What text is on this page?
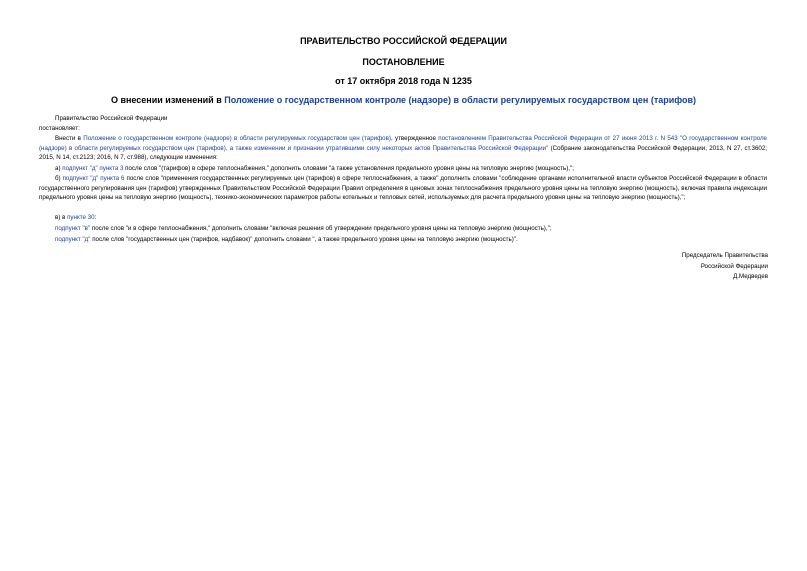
ПРАВИТЕЛЬСТВО РОССИЙСКОЙ ФЕДЕРАЦИИ
ПОСТАНОВЛЕНИЕ
от 17 октября 2018 года N 1235
О внесении изменений в Положение о государственном контроле (надзоре) в области регулируемых государством цен (тарифов)
Правительство Российской Федерации
постановляет:
Внести в Положение о государственном контроле (надзоре) в области регулируемых государством цен (тарифов), утвержденное постановлением Правительства Российской Федерации от 27 июня 2013 г. N 543 "О государственном контроле (надзоре) в области регулируемых государством цен (тарифов), а также изменении и признании утратившими силу некоторых актов Правительства Российской Федерации" (Собрание законодательства Российской Федерации, 2013, N 27, ст.3602; 2015, N 14, ст.2123; 2016, N 7, ст.988), следующие изменения:
а) подпункт "д" пункта 3 после слов "(тарифов) в сфере теплоснабжения," дополнить словами "а также установления предельного уровня цены на тепловую энергию (мощность),";
б) подпункт "д" пункта 6 после слов "применения государственных регулируемых цен (тарифов) в сфере теплоснабжения, а также" дополнить словами "соблюдение органами исполнительной власти субъектов Российской Федерации в области государственного регулирования цен (тарифов) утвержденных Правительством Российской Федерации Правил определения в ценовых зонах теплоснабжения предельного уровня цены на тепловую энергию (мощность), включая правила индексации предельного уровня цены на тепловую энергию (мощность), технико-экономических параметров работы котельных и тепловых сетей, используемых для расчета предельного уровня цены на тепловую энергию (мощность),";
в) в пункте 30:
подпункт "в" после слов "и в сфере теплоснабжения," дополнить словами "включая решения об утверждении предельного уровня цены на тепловую энергию (мощность),";
подпункт "д" после слов "государственных цен (тарифов, надбавок)" дополнить словами ", а также предельного уровня цены на тепловую энергию (мощность)".
Председатель Правительства
Российской Федерации
Д.Медведев
